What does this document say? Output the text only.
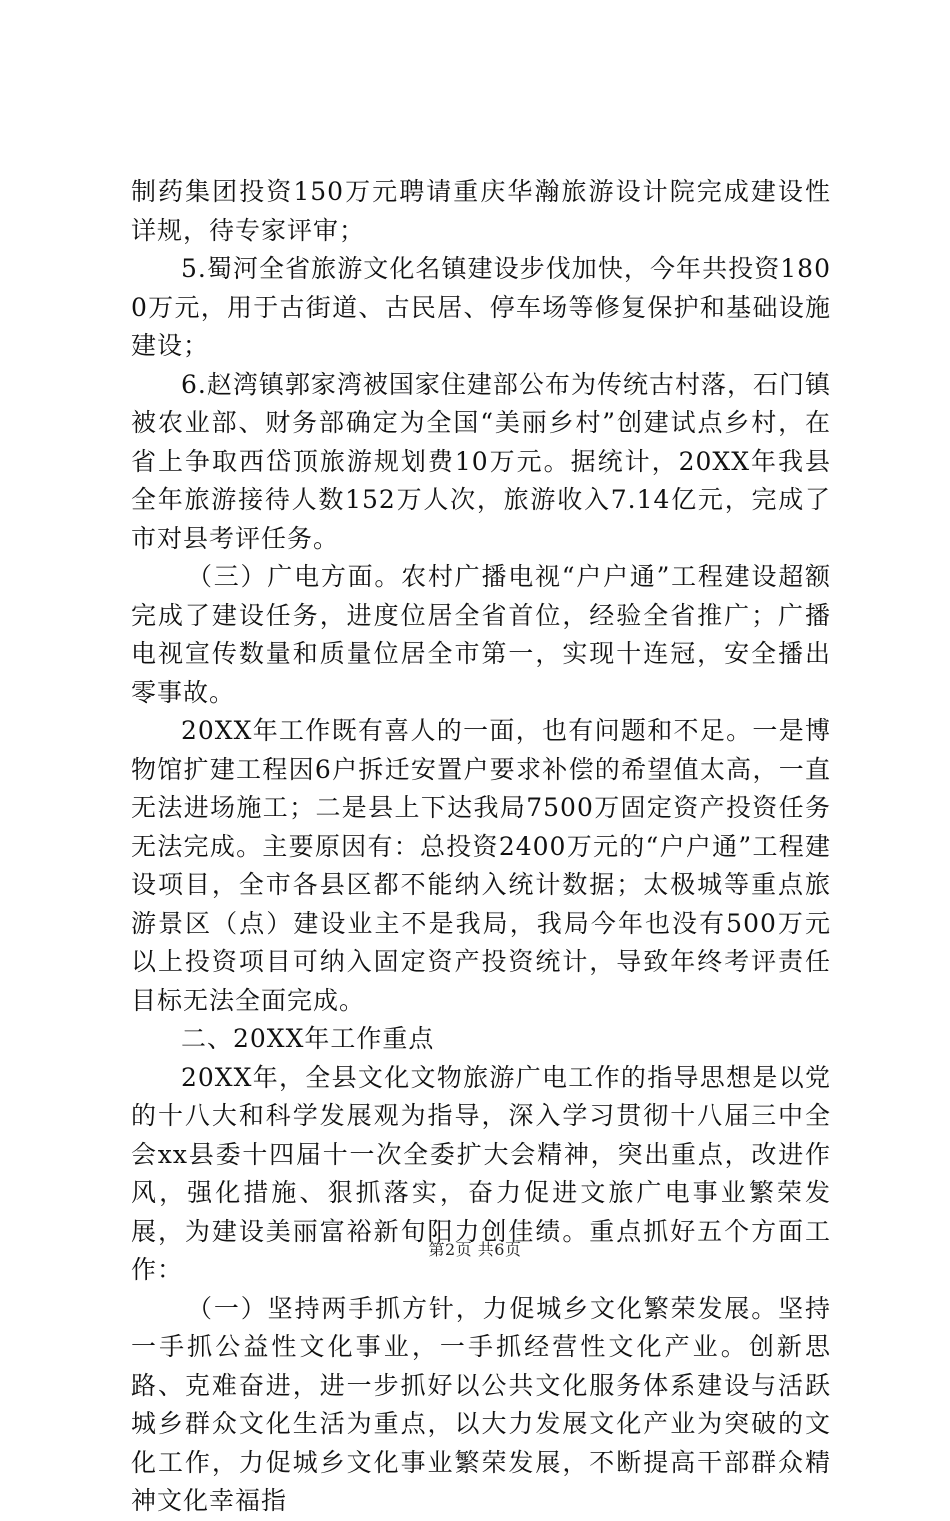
制药集团投资150万元聘请重庆华瀚旅游设计院完成建设性详规，待专家评审；

5.蜀河全省旅游文化名镇建设步伐加快，今年共投资1800万元，用于古街道、古民居、停车场等修复保护和基础设施建设；

6.赵湾镇郭家湾被国家住建部公布为传统古村落，石门镇被农业部、财务部确定为全国“美丽乡村”创建试点乡村，在省上争取西岱顶旅游规划费10万元。据统计，20XX年我县全年旅游接待人数152万人次，旅游收入7.14亿元，完成了市对县考评任务。

（三）广电方面。农村广播电视“户户通”工程建设超额完成了建设任务，进度位居全省首位，经验全省推广；广播电视宣传数量和质量位居全市第一，实现十连冠，安全播出零事故。

20XX年工作既有喜人的一面，也有问题和不足。一是博物馆扩建工程因6户拆迁安置户要求补偿的希望值太高，一直无法进场施工；二是县上下达我局7500万固定资产投资任务无法完成。主要原因有：总投资2400万元的“户户通”工程建设项目，全市各县区都不能纳入统计数据；太极城等重点旅游景区（点）建设业主不是我局，我局今年也没有500万元以上投资项目可纳入固定资产投资统计，导致年终考评责任目标无法全面完成。

二、20XX年工作重点

20XX年，全县文化文物旅游广电工作的指导思想是以党的十八大和科学发展观为指导，深入学习贯彻十八届三中全会xx县委十四届十一次全委扩大会精神，突出重点，改进作风，强化措施、狠抓落实，奋力促进文旅广电事业繁荣发展，为建设美丽富裕新旬阳力创佳绩。重点抓好五个方面工作：

（一）坚持两手抓方针，力促城乡文化繁荣发展。坚持一手抓公益性文化事业，一手抓经营性文化产业。创新思路、克难奋进，进一步抓好以公共文化服务体系建设与活跃城乡群众文化生活为重点，以大力发展文化产业为突破的文化工作，力促城乡文化事业繁荣发展，不断提高干部群众精神文化幸福指

第2页 共6页
